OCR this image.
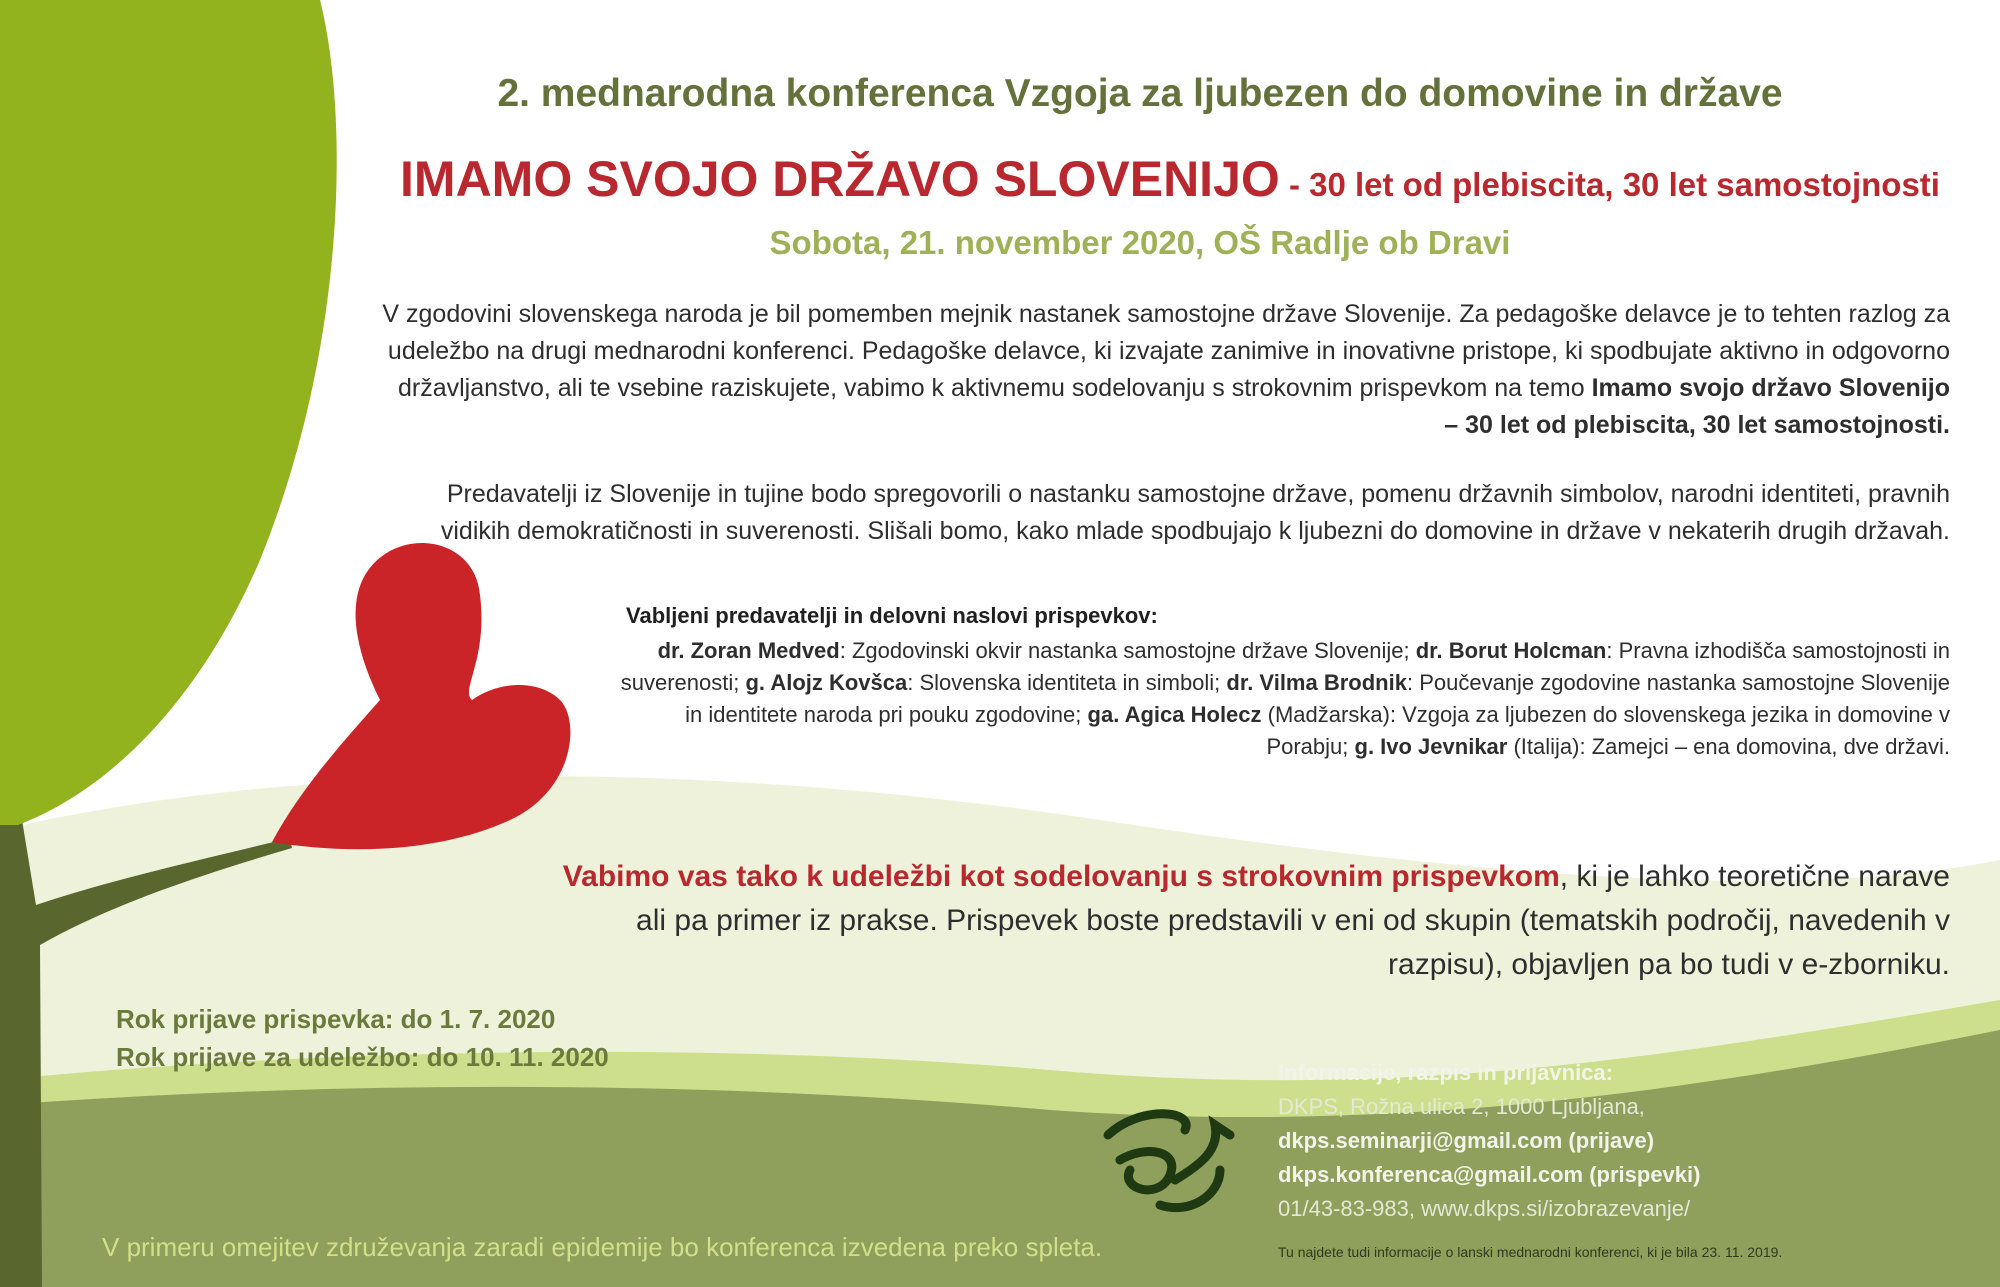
2. mednarodna konferenca Vzgoja za ljubezen do domovine in države
IMAMO SVOJO DRŽAVO SLOVENIJO - 30 let od plebiscita, 30 let samostojnosti
Sobota, 21. november 2020, OŠ Radlje ob Dravi
V zgodovini slovenskega naroda je bil pomemben mejnik nastanek samostojne države Slovenije. Za pedagoške delavce je to tehten razlog za udeležbo na drugi mednarodni konferenci. Pedagoške delavce, ki izvajate zanimive in inovativne pristope, ki spodbujate aktivno in odgovorno državljanstvo, ali te vsebine raziskujete, vabimo k aktivnemu sodelovanju s strokovnim prispevkom na temo Imamo svojo državo Slovenijo – 30 let od plebiscita, 30 let samostojnosti.
Predavatelji iz Slovenije in tujine bodo spregovorili o nastanku samostojne države, pomenu državnih simbolov, narodni identiteti, pravnih vidikih demokratičnosti in suverenosti. Slišali bomo, kako mlade spodbujajo k ljubezni do domovine in države v nekaterih drugih državah.
Vabljeni predavatelji in delovni naslovi prispevkov:
dr. Zoran Medved: Zgodovinski okvir nastanka samostojne države Slovenije; dr. Borut Holcman: Pravna izhodišča samostojnosti in suverenosti; g. Alojz Kovšca: Slovenska identiteta in simboli; dr. Vilma Brodnik: Poučevanje zgodovine nastanka samostojne Slovenije in identitete naroda pri pouku zgodovine; ga. Agica Holecz (Madžarska): Vzgoja za ljubezen do slovenskega jezika in domovine v Porabju; g. Ivo Jevnikar (Italija): Zamejci – ena domovina, dve državi.
Vabimo vas tako k udeležbi kot sodelovanju s strokovnim prispevkom, ki je lahko teoretične narave ali pa primer iz prakse. Prispevek boste predstavili v eni od skupin (tematskih področij, navedenih v razpisu), objavljen pa bo tudi v e-zborniku.
Rok prijave prispevka: do 1. 7. 2020
Rok prijave za udeležbo: do 10. 11. 2020
Informacije, razpis in prijavnica:
DKPS, Rožna ulica 2, 1000 Ljubljana,
dkps.seminarji@gmail.com (prijave)
dkps.konferenca@gmail.com (prispevki)
01/43-83-983, www.dkps.si/izobrazevanje/
Tu najdete tudi informacije o lanski mednarodni konferenci, ki je bila 23. 11. 2019.
V primeru omejitev združevanja zaradi epidemije bo konferenca izvedena preko spleta.
